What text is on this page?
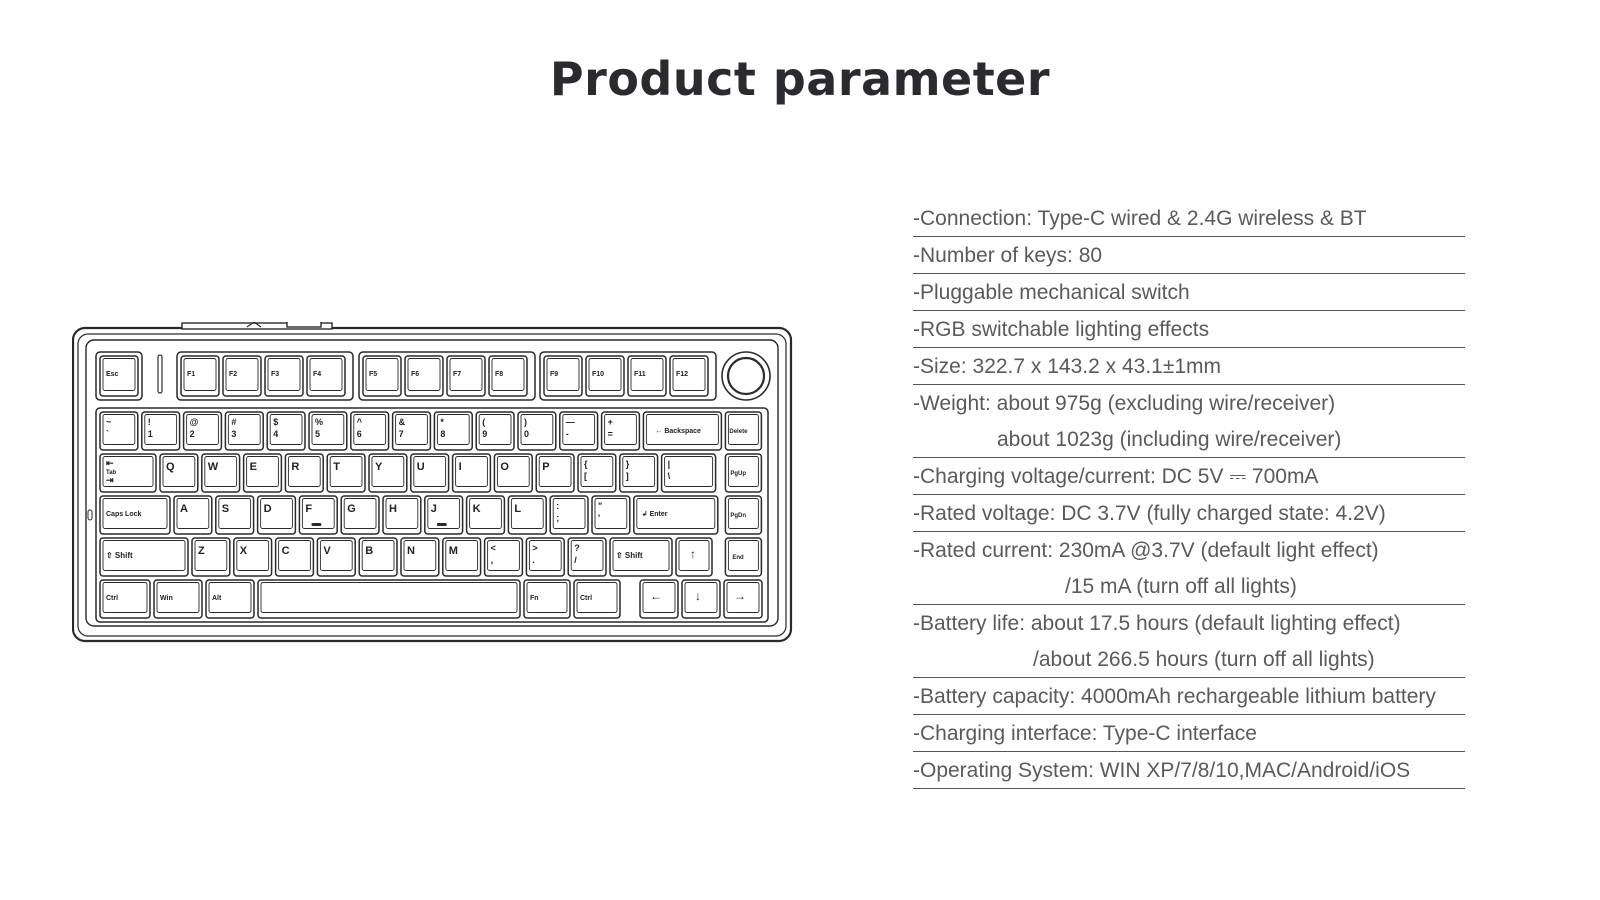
Product parameter
Esc	F1	F2	F3	F4	F5	F6	F7	F8	F9	F10	F11	F12
~
`
!
1
@
2
#
3
$
4
%
5
^
6
&
7
*
8
(
9
)
0
—
-
+
=	← Backspace	Delete
⇤
Tab
⇥
Q	W	E	R	T	Y	U	I	O	P	{
[
}
]
|
\	PgUp
Caps Lock	A	S	D	F	G	H	J	K	L	:
;
"
'	↲ Enter	PgDn
⇧ Shift	Z	X	C	V	B	N	M	<
,
>
.
?
/	⇧ Shift	↑	End
Ctrl	Win	Alt	Fn	Ctrl	←	↓	→
-Connection: Type-C wired & 2.4G wireless & BT
-Number of keys: 80
-Pluggable mechanical switch
-RGB switchable lighting effects
-Size: 322.7 x 143.2 x 43.1±1mm
-Weight: about 975g (excluding wire/receiver)
about 1023g (including wire/receiver)
-Charging voltage/current: DC 5V ⎓ 700mA
-Rated voltage: DC 3.7V (fully charged state: 4.2V)
-Rated current: 230mA @3.7V (default light effect)
/15 mA (turn off all lights)
-Battery life: about 17.5 hours (default lighting effect)
/about 266.5 hours (turn off all lights)
-Battery capacity: 4000mAh rechargeable lithium battery
-Charging interface: Type-C interface
-Operating System: WIN XP/7/8/10,MAC/Android/iOS
